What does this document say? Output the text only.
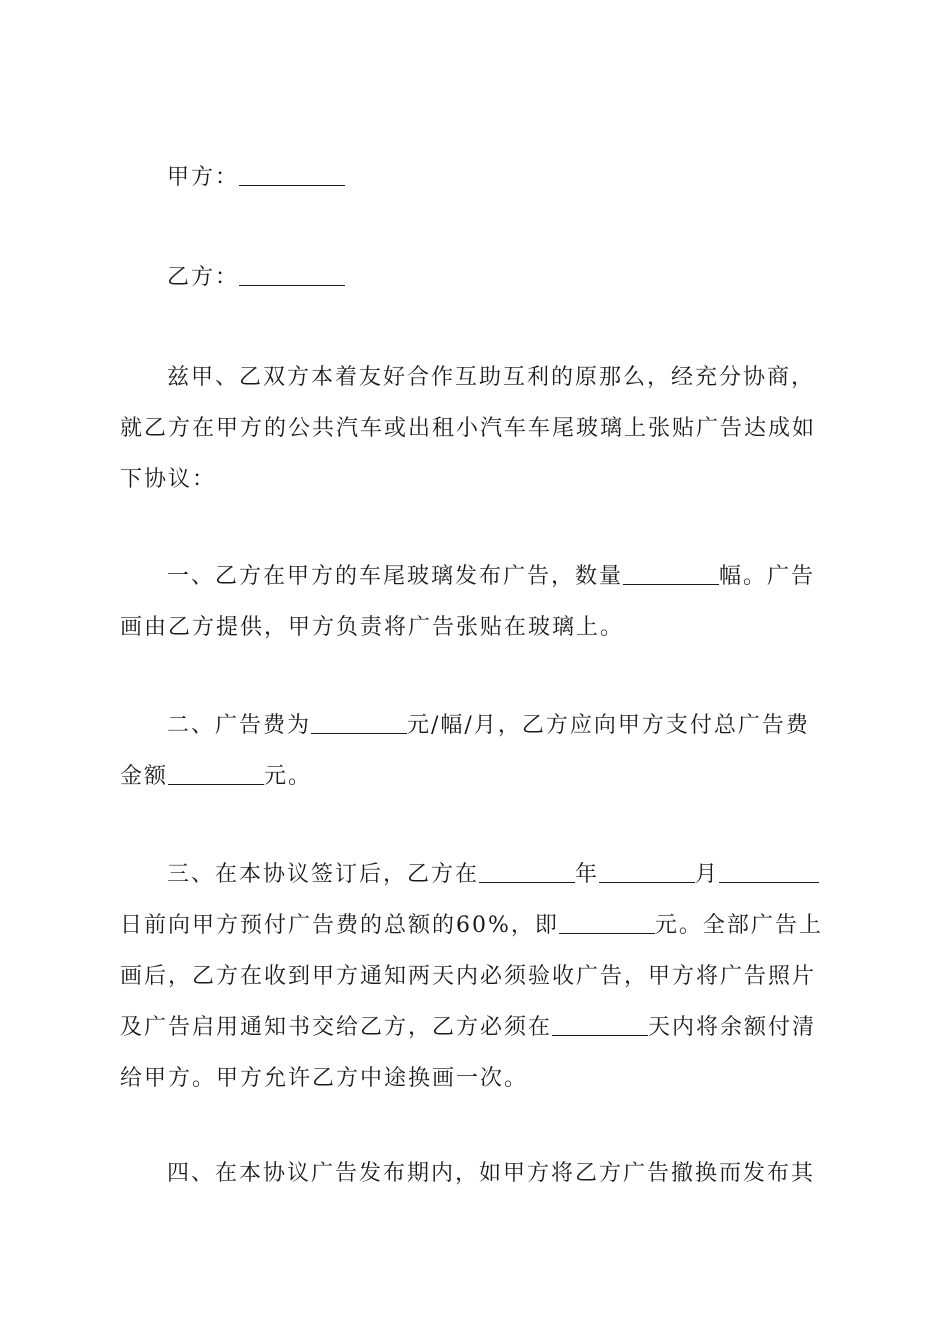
甲方：

乙方：

兹甲、乙双方本着友好合作互助互利的原那么，经充分协商，就乙方在甲方的公共汽车或出租小汽车车尾玻璃上张贴广告达成如下协议：

一、乙方在甲方的车尾玻璃发布广告，数量	幅。广告画由乙方提供，甲方负责将广告张贴在玻璃上。

二、广告费为	元/幅/月，乙方应向甲方支付总广告费金额	元。

三、在本协议签订后，乙方在	年	月日前向甲方预付广告费的总额的60%，即	元。全部广告上画后，乙方在收到甲方通知两天内必须验收广告，甲方将广告照片及广告启用通知书交给乙方，乙方必须在	天内将余额付清给甲方。甲方允许乙方中途换画一次。

四、在本协议广告发布期内，如甲方将乙方广告撤换而发布其
